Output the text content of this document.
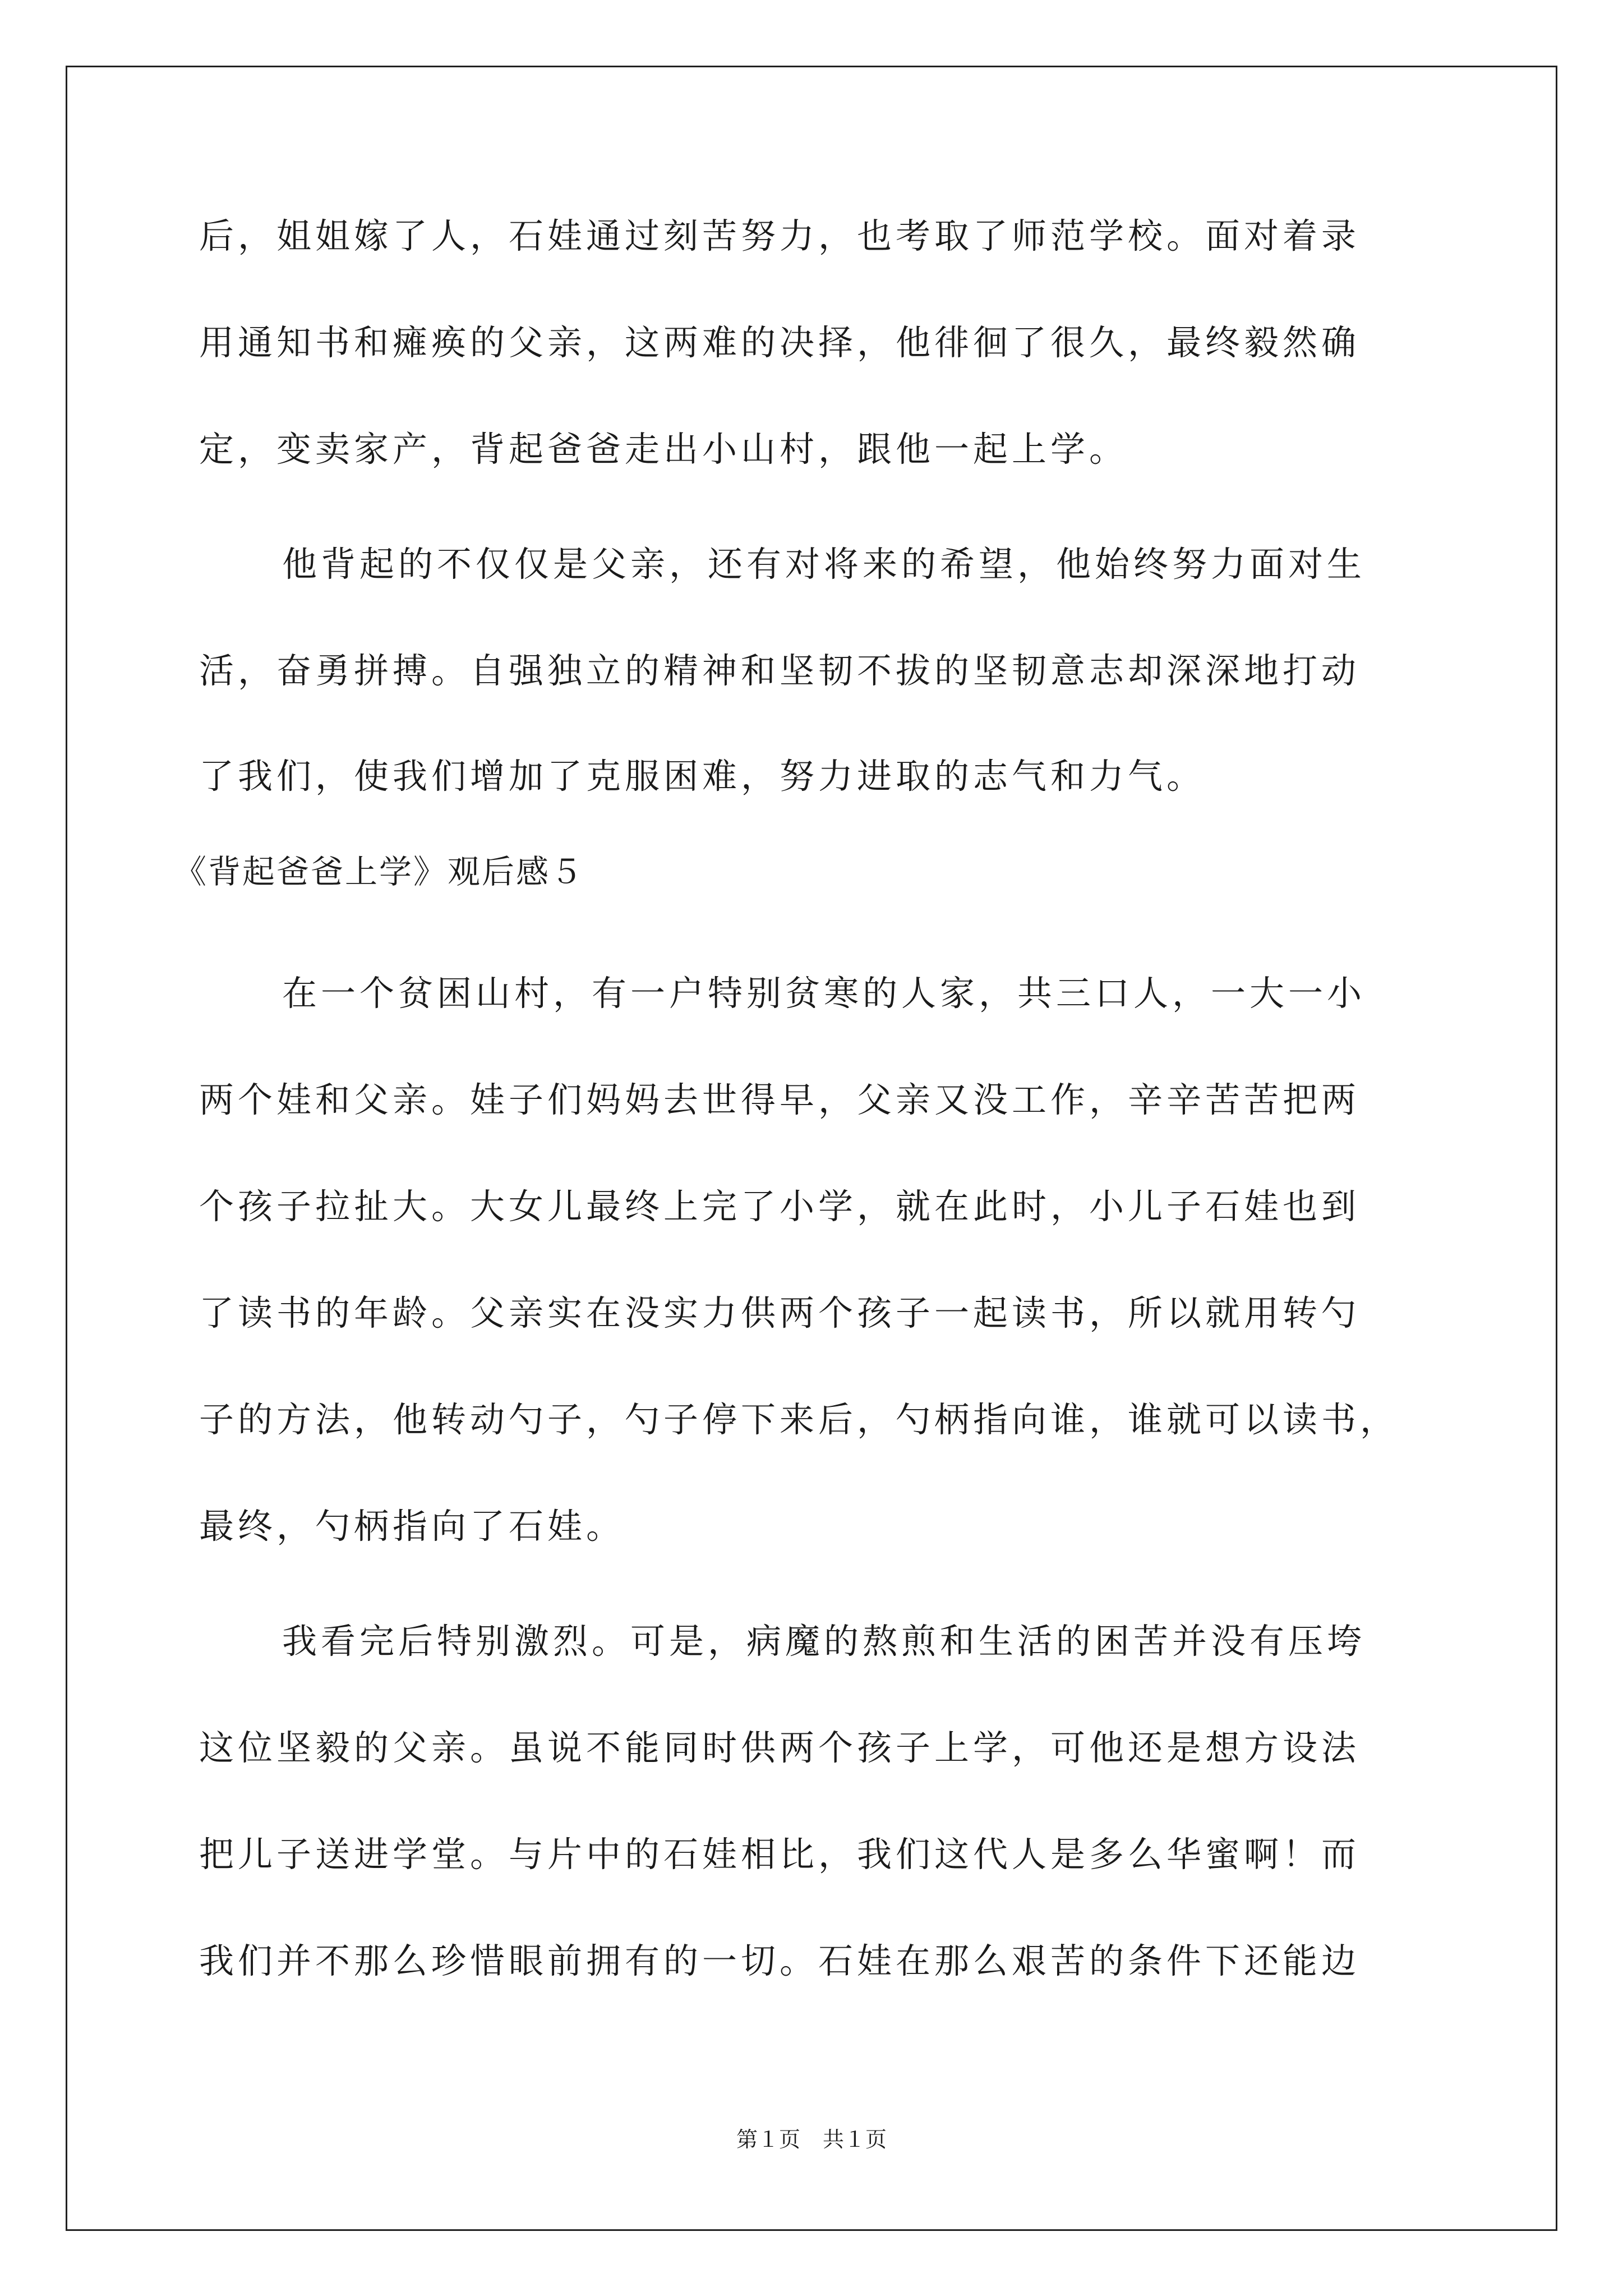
后，姐姐嫁了人，石娃通过刻苦努力，也考取了师范学校。面对着录
用通知书和瘫痪的父亲，这两难的决择，他徘徊了很久，最终毅然确
定，变卖家产，背起爸爸走出小山村，跟他一起上学。
他背起的不仅仅是父亲，还有对将来的希望，他始终努力面对生
活，奋勇拼搏。自强独立的精神和坚韧不拔的坚韧意志却深深地打动
了我们，使我们增加了克服困难，努力进取的志气和力气。
《背起爸爸上学》观后感５
在一个贫困山村，有一户特别贫寒的人家，共三口人，一大一小
两个娃和父亲。娃子们妈妈去世得早，父亲又没工作，辛辛苦苦把两
个孩子拉扯大。大女儿最终上完了小学，就在此时，小儿子石娃也到
了读书的年龄。父亲实在没实力供两个孩子一起读书，所以就用转勺
子的方法，他转动勺子，勺子停下来后，勺柄指向谁，谁就可以读书，
最终，勺柄指向了石娃。
我看完后特别激烈。可是，病魔的熬煎和生活的困苦并没有压垮
这位坚毅的父亲。虽说不能同时供两个孩子上学，可他还是想方设法
把儿子送进学堂。与片中的石娃相比，我们这代人是多么华蜜啊！而
我们并不那么珍惜眼前拥有的一切。石娃在那么艰苦的条件下还能边
第１页 共１页
